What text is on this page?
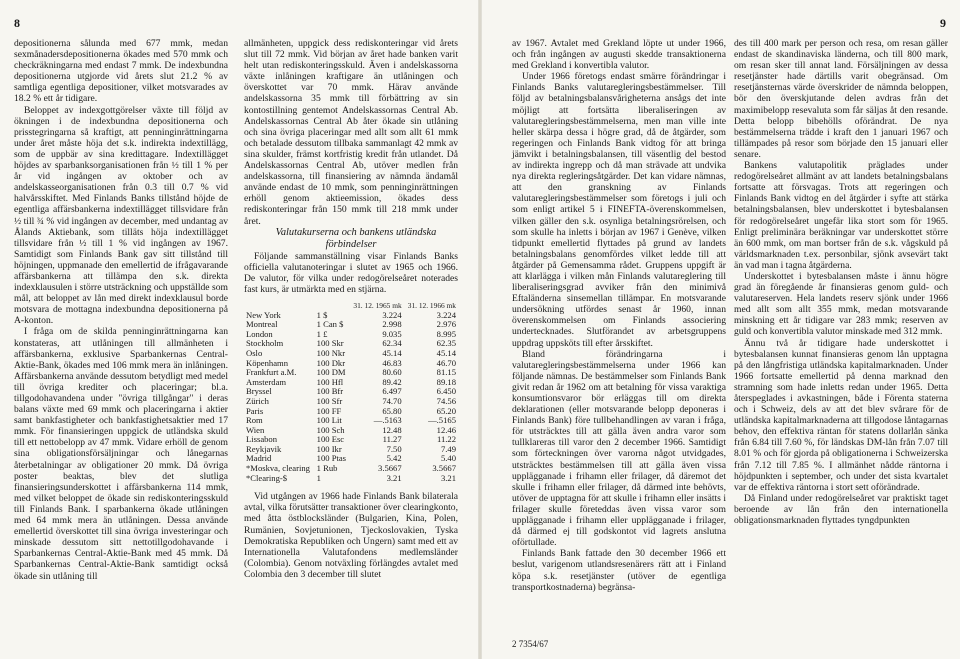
8

depositionerna sålunda med 677 mmk, medan sexmånadersdepositionerna ökades med 570 mmk och checkräkningarna med endast 7 mmk. De indexbundna depositionerna utgjorde vid årets slut 21.2 % av samtliga egentliga depositioner, vilket motsvarades av 18.2 % ett år tidigare.

Beloppet av indexgottgörelser växte till följd av ökningen i de indexbundna depositionerna och prisstegringarna så kraftigt, att penninginrättningarna under året måste höja det s.k. indirekta indextillägg, som de uppbär av sina kredittagare. Indextillägget höjdes av sparbanksorganisationen från ½ till 1 % per år vid ingången av oktober och av andelskasseorganisationen från 0.3 till 0.7 % vid halvårsskiftet. Med Finlands Banks tillstånd höjde de egentliga affärsbankerna indextillägget tillsvidare från ½ till ¾ % vid ingången av december, med undantag av Ålands Aktiebank, som tilläts höja indextillägget tillsvidare från ½ till 1 % vid ingången av 1967. Samtidigt som Finlands Bank gav sitt tillstånd till höjningen, uppmanade den emellertid de ifrågavarande affärsbankerna att tillämpa den s.k. direkta indexklausulen i större utsträckning och uppställde som mål, att beloppet av lån med direkt indexklausul borde motsvara de mottagna indexbundna depositionerna på A-konton.

I fråga om de skilda penninginrättningarna kan konstateras, att utlåningen till allmänheten i affärsbankerna, exklusive Sparbankernas Central-Aktie-Bank, ökades med 106 mmk mera än inlåningen. Affärsbankerna använde dessutom betydligt med medel till övriga krediter och placeringar; bl.a. tillgodohavandena under "övriga tillgångar" i deras balans växte med 69 mmk och placeringarna i aktier samt bankfastigheter och bankfastighetsaktier med 17 mmk. För finansieringen uppgick de utländska skuld till ett nettobelopp av 47 mmk. Vidare erhöll de genom sina obligationsförsäljningar och lånegarnas återbetalningar av obligationer 20 mmk. Då övriga poster beaktas, blev det slutliga finansieringsunderskottet i affärsbankerna 114 mmk, med vilket beloppet de ökade sin rediskonteringsskuld till Finlands Bank. I sparbankerna ökade utlåningen med 64 mmk mera än utlåningen. Dessa använde emellertid överskottet till sina övriga investeringar och minskade dessutom sitt nettotillgodohavande i Sparbankernas Central-Aktie-Bank med 45 mmk. Då Sparbankernas Central-Aktie-Bank samtidigt också ökade sin utlåning till

allmänheten, uppgick dess rediskonteringar vid årets slut till 72 mmk. Vid början av året hade banken varit helt utan rediskonteringsskuld. Även i andelskassorna växte inlåningen kraftigare än utlåningen och överskottet var 70 mmk. Härav använde andelskassorna 35 mmk till förbättring av sin kontostillning gentemot Andelskassornas Central Ab. Andelskassornas Central Ab åter ökade sin utlåning och sina övriga placeringar med allt som allt 61 mmk och betalade dessutom tillbaka sammanlagt 42 mmk av sina skulder, främst kortfristig kredit från utlandet. Då Andelskassornas Central Ab, utöver medlen från andelskassorna, till finansiering av nämnda ändamål använde endast de 10 mmk, som penninginrättningen erhöll genom aktieemission, ökades dess rediskonteringar från 150 mmk till 218 mmk under året.

Valutakurserna och bankens utländska förbindelser

Följande sammanställning visar Finlands Banks officiella valutanoteringar i slutet av 1965 och 1966. De valutor, för vilka under redogörelseåret noterades fast kurs, är utmärkta med en stjärna.

		31. 12. 1965 mk	31. 12. 1966 mk
New York	1 $	3.224	3.224
Montreal	1 Can $	2.998	2.976
London	1 £	9.035	8.995
Stockholm	100 Skr	62.34	62.35
Oslo	100 Nkr	45.14	45.14
Köpenhamn	100 Dkr	46.83	46.70
Frankfurt a.M.	100 DM	80.60	81.15
Amsterdam	100 Hfl	89.42	89.18
Bryssel	100 Bfr	6.497	6.450
Zürich	100 Sfr	74.70	74.56
Paris	100 FF	65.80	65.20
Rom	100 Lit	—.5163	—.5165
Wien	100 Sch	12.48	12.46
Lissabon	100 Esc	11.27	11.22
Reykjavik	100 Ikr	7.50	7.49
Madrid	100 Ptas	5.42	5.40
*Moskva, clearing	1 Rub	3.5667	3.5667
*Clearing-$	1	3.21	3.21

Vid utgången av 1966 hade Finlands Bank bilaterala avtal, vilka förutsätter transaktioner över clearingkonto, med åtta östblocksländer (Bulgarien, Kina, Polen, Rumänien, Sovjetunionen, Tjeckoslovakien, Tyska Demokratiska Republiken och Ungern) samt med ett av Internationella Valutafondens medlemsländer (Colombia). Genom notväxling förlängdes avtalet med Colombia den 3 december till slutet

9

av 1967. Avtalet med Grekland löpte ut under 1966, och från ingången av augusti skedde transaktionerna med Grekland i konvertibla valutor.

Under 1966 företogs endast smärre förändringar i Finlands Banks valutaregleringsbestämmelser. Till följd av betalningsbalansvårigheterna ansågs det inte möjligt att fortsätta liberaliseringen av valutaregleringsbestämmelserna, men man ville inte heller skärpa dessa i högre grad, då de åtgärder, som regeringen och Finlands Bank vidtog för att bringa jämvikt i betalningsbalansen, till väsentlig del bestod av indirekta ingrepp och då man strävade att undvika nya direkta regleringsåtgärder. Det kan vidare nämnas, att den granskning av Finlands valutaregleringsbestämmelser som företogs i juli och som enligt artikel 5 i FINEFTA-överenskommelsen, vilken gäller den s.k. osynliga betalningsrörelsen, och som skulle ha inletts i början av 1967 i Genève, vilken tidpunkt emellertid flyttades på grund av landets betalningsbalans genomfördes vilket ledde till att åtgärder på Gemensamma rådet. Gruppens uppgift är att klarlägga i vilken mån Finlands valutareglering till liberaliseringsgrad avviker från den minimivå Eftaländerna sinsemellan tillämpar. En motsvarande undersökning utfördes senast år 1960, innan överenskommelsen om Finlands associering undertecknades. Slutförandet av arbetsgruppens uppdrag uppsköts till efter årsskiftet.

Bland förändringarna i valutaregleringsbestämmelserna under 1966 kan följande nämnas. De bestämmelser som Finlands Bank givit redan år 1962 om att betalning för vissa varaktiga konsumtionsvaror bör erläggas till om direkta deklarationen (eller motsvarande belopp deponeras i Finlands Bank) före tullbehandlingen av varan i fråga, för utsträcktes till att gälla även andra varor som tullklareras till varor den 2 december 1966. Samtidigt som förteckningen över varorna något utvidgades, utsträcktes bestämmelsen till att gälla även vissa upplägganade i frihamn eller frilager, då däremot det skulle i frihamn eller frilager, då därmed inte behövts, utöver de upptagna för att skulle i frihamn eller insätts i frilager skulle företeddas även vissa varor som upplägganade i frihamn eller upplägganade i frilager, då därmed ej till godskontot vid lagrets anslutna oförtullade.

Finlands Bank fattade den 30 december 1966 ett beslut, varigenom utlandsresenärers rätt att i Finland köpa s.k. resetjänster (utöver de egentliga transportkostnaderna) begränsa-

des till 400 mark per person och resa, om resan gäller endast de skandinaviska länderna, och till 800 mark, om resan sker till annat land. Försäljningen av dessa resetjänster hade därtills varit obegränsad. Om resetjänsternas värde överskrider de nämnda beloppen, bör den överskjutande delen avdras från det maximibelopp resevaluta som får säljas åt den resande. Detta belopp bibehölls oförändrat. De nya bestämmelserna trädde i kraft den 1 januari 1967 och tillämpades på resor som började den 15 januari eller senare.

Bankens valutapolitik präglades under redogörelseåret allmänt av att landets betalningsbalans fortsatte att försvagas. Trots att regeringen och Finlands Bank vidtog en del åtgärder i syfte att stärka betalningsbalansen, blev underskottet i bytesbalansen för redogörelseåret ungefär lika stort som för 1965. Enligt preliminära beräkningar var underskottet större än 600 mmk, om man bortser från de s.k. vågskuld på världsmarknaden t.ex. personbilar, sjönk avsevärt takt än vad man i tagna åtgärderna.

Underskottet i bytesbalansen måste i ännu högre grad än föregående år finansieras genom guld- och valutareserven. Hela landets reserv sjönk under 1966 med allt som allt 355 mmk, medan motsvarande minskning ett år tidigare var 283 mmk; reserven av guld och konvertibla valutor minskade med 312 mmk.

Ännu två år tidigare hade underskottet i bytesbalansen kunnat finansieras genom lån upptagna på den långfristiga utländska kapitalmarknaden. Under 1966 fortsatte emellertid på denna marknad den stramning som hade inletts redan under 1965. Detta återspeglades i avkastningen, både i Förenta staterna och i Schweiz, dels av att det blev svårare för de utländska kapitalmarknaderna att tillgodose låntagarnas behov, den effektiva räntan för statens dollarlån sänka från 6.84 till 7.60 %, för ländskas DM-lån från 7.07 till 8.01 % och för gjorda på obligationerna i Schweizerska från 7.12 till 7.85 %. I allmänhet nådde räntorna i höjdpunkten i september, och under det sista kvartalet var de effektiva räntorna i stort sett oförändrade.

Då Finland under redogörelseåret var praktiskt taget beroende av lån från den internationella obligationsmarknaden flyttades tyngdpunkten

2 7354/67
